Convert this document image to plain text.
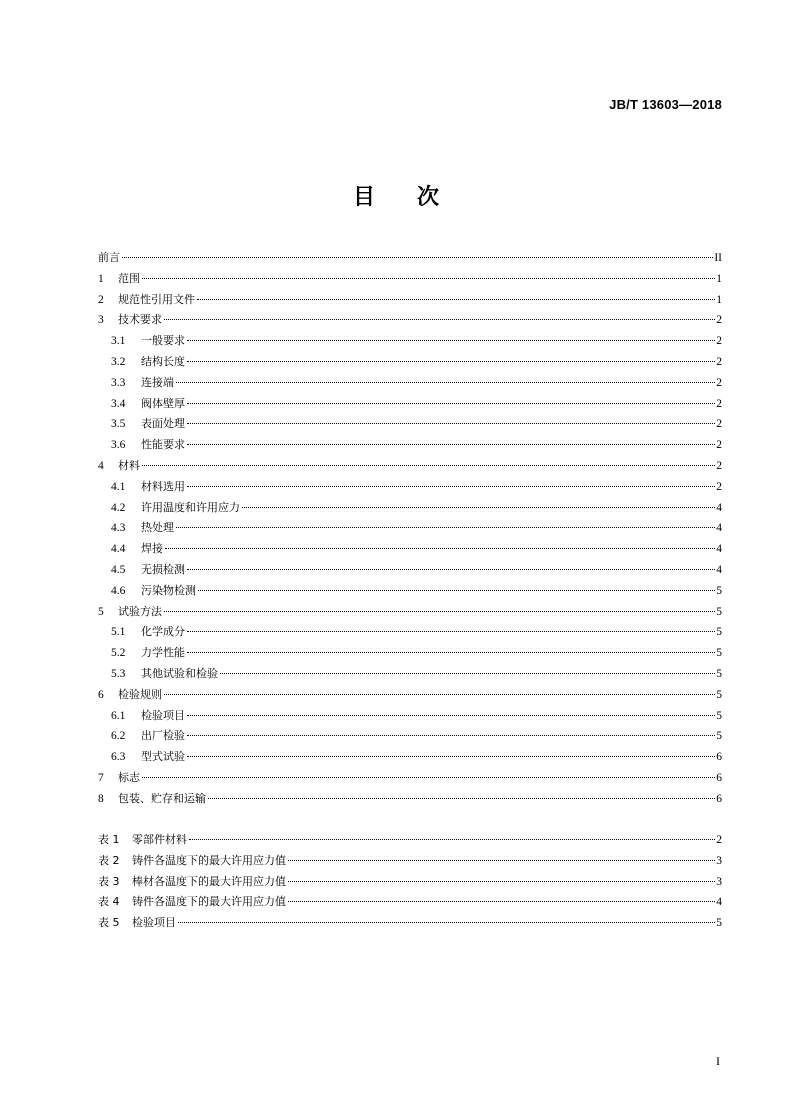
JB/T 13603—2018
目 次
前言	II
1	范围	1
2	规范性引用文件	1
3	技术要求	2
3.1	一般要求	2
3.2	结构长度	2
3.3	连接端	2
3.4	阀体壁厚	2
3.5	表面处理	2
3.6	性能要求	2
4	材料	2
4.1	材料选用	2
4.2	许用温度和许用应力	4
4.3	热处理	4
4.4	焊接	4
4.5	无损检测	4
4.6	污染物检测	5
5	试验方法	5
5.1	化学成分	5
5.2	力学性能	5
5.3	其他试验和检验	5
6	检验规则	5
6.1	检验项目	5
6.2	出厂检验	5
6.3	型式试验	6
7	标志	6
8	包装、贮存和运输	6
表 1	零部件材料	2
表 2	铸件各温度下的最大许用应力值	3
表 3	棒材各温度下的最大许用应力值	3
表 4	铸件各温度下的最大许用应力值	4
表 5	检验项目	5
I
